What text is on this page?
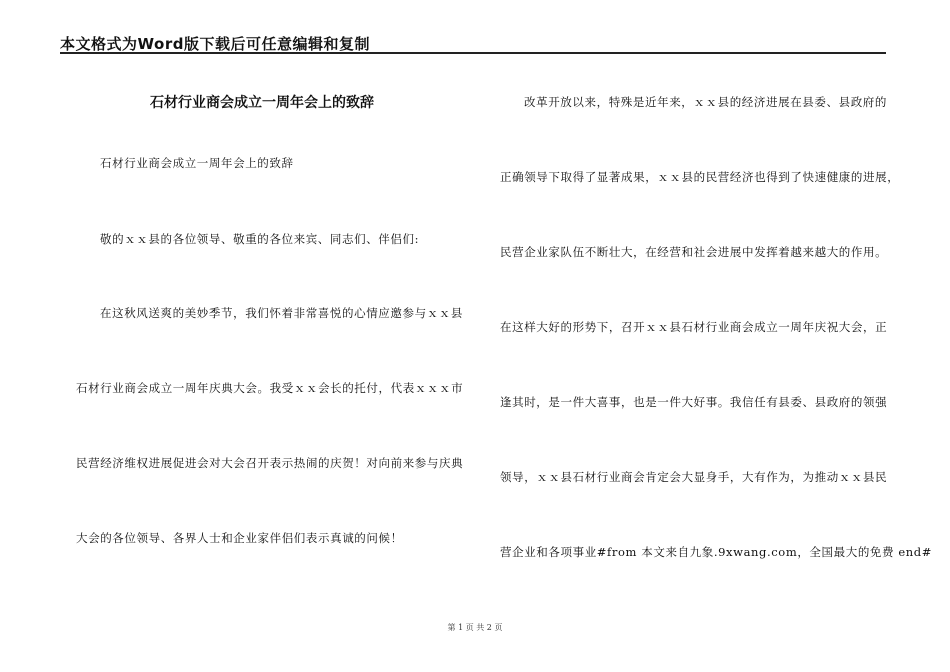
本文格式为Word版下载后可任意编辑和复制
石材行业商会成立一周年会上的致辞
石材行业商会成立一周年会上的致辞
敬的ｘｘ县的各位领导、敬重的各位来宾、同志们、伴侣们:
在这秋风送爽的美妙季节，我们怀着非常喜悦的心情应邀参与ｘｘ县
石材行业商会成立一周年庆典大会。我受ｘｘ会长的托付，代表ｘｘｘ市
民营经济维权进展促进会对大会召开表示热闹的庆贺！对向前来参与庆典
大会的各位领导、各界人士和企业家伴侣们表示真诚的问候！
改革开放以来，特殊是近年来，ｘｘ县的经济进展在县委、县政府的
正确领导下取得了显著成果，ｘｘ县的民营经济也得到了快速健康的进展，
民营企业家队伍不断壮大，在经营和社会进展中发挥着越来越大的作用。
在这样大好的形势下，召开ｘｘ县石材行业商会成立一周年庆祝大会，正
逢其时，是一件大喜事，也是一件大好事。我信任有县委、县政府的领强
领导，ｘｘ县石材行业商会肯定会大显身手，大有作为，为推动ｘｘ县民
营企业和各项事业#from 本文来自九象.9xwang.com，全国最大的免费 end#
第 1 页 共 2 页
